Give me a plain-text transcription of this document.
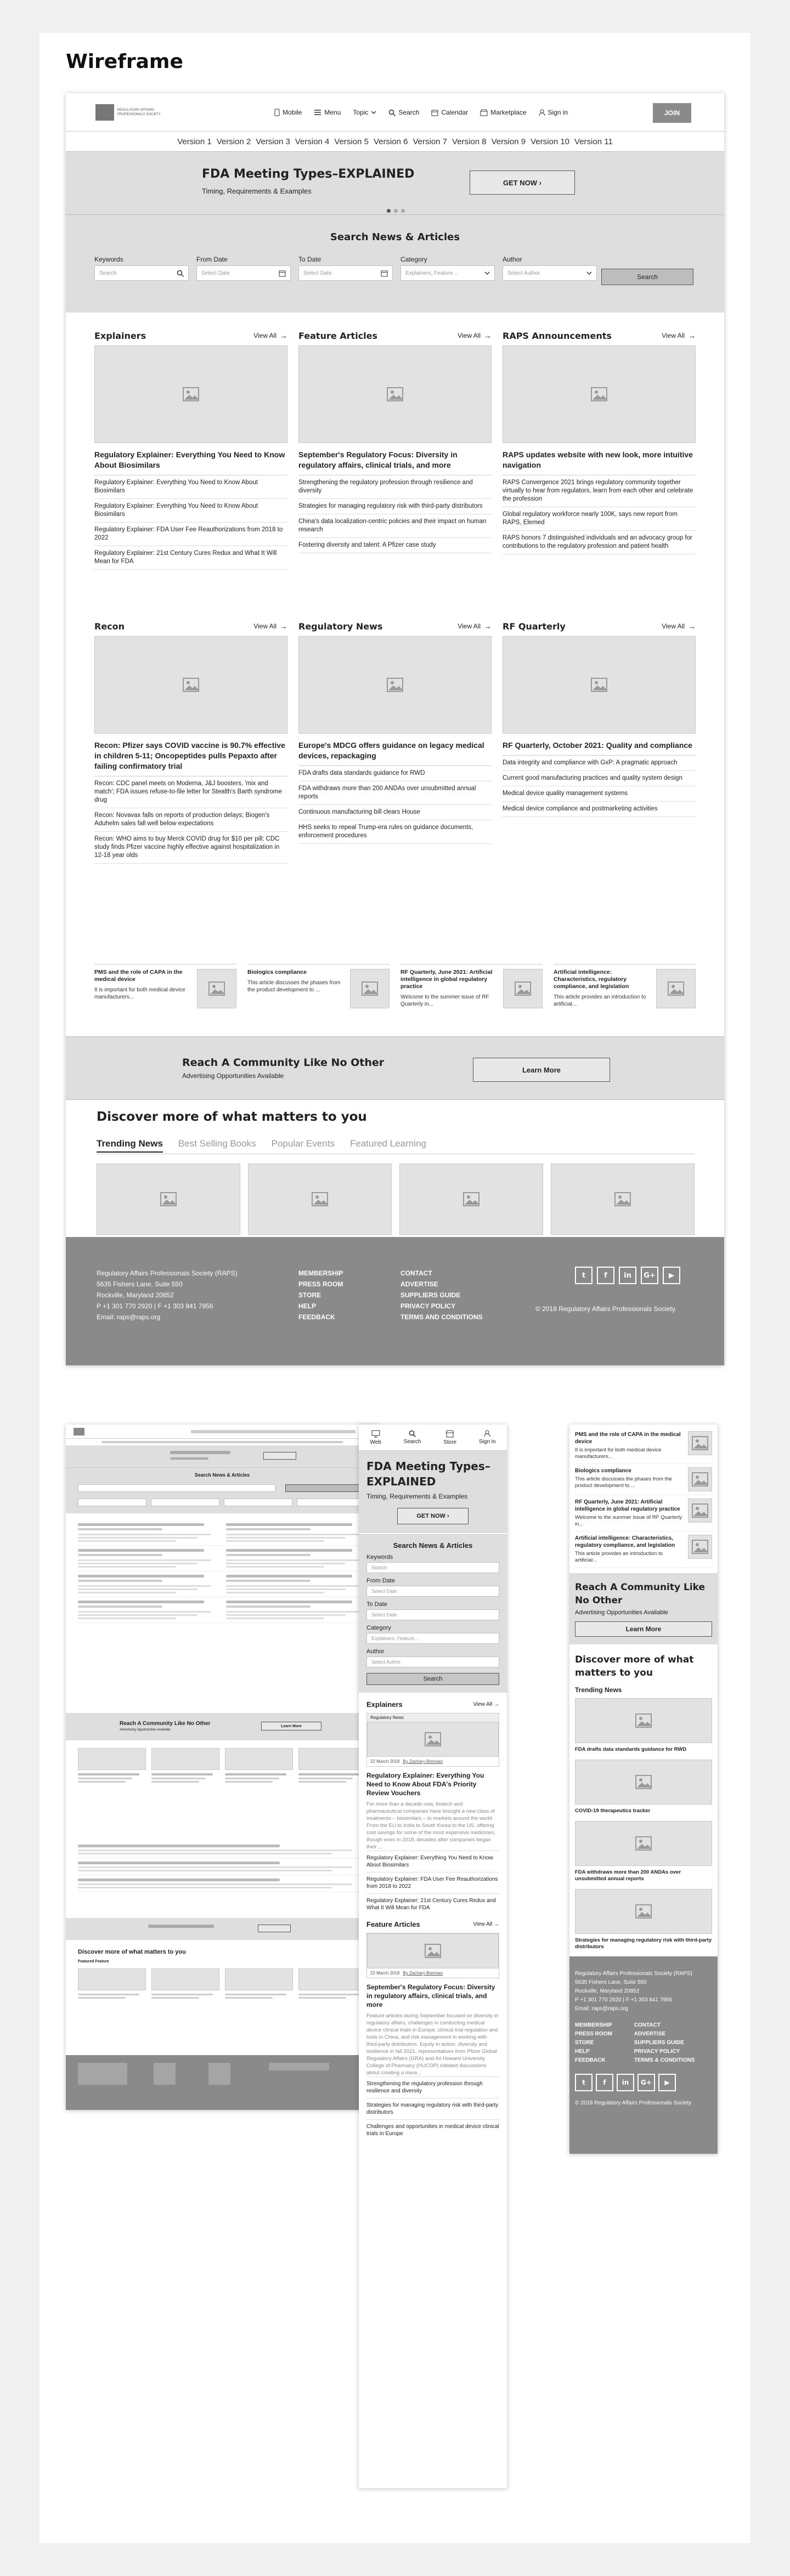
Wireframe
REGULATORY AFFAIRS PROFESSIONALS SOCIETY	Mobile	Menu Topic	Search	Calendar	Marketplace	Sign in	JOIN
Version 1 Version 2 Version 3 Version 4 Version 5 Version 6 Version 7 Version 8 Version 9 Version 10 Version 11
FDA Meeting Types–EXPLAINED
Timing, Requirements & Examples
GET NOW ›
Search News & Articles
Keywords
Search
From Date
Select Date
To Date
Select Date
Category
Explainers, Feature...
Author
Select Author	Search
Explainers	View All →
Regulatory Explainer: Everything You Need to Know About Biosimilars
Regulatory Explainer: Everything You Need to Know About Biosimilars
Regulatory Explainer: Everything You Need to Know About Biosimilars
Regulatory Explainer: FDA User Fee Reauthorizations from 2018 to 2022
Regulatory Explainer: 21st Century Cures Redux and What It Will Mean for FDA
Feature Articles	View All →
September's Regulatory Focus: Diversity in regulatory affairs, clinical trials, and more
Strengthening the regulatory profession through resilience and diversity
Strategies for managing regulatory risk with third-party distributors
China's data localization-centric policies and their impact on human research
Fostering diversity and talent: A Pfizer case study
RAPS Announcements	View All →
RAPS updates website with new look, more intuitive navigation
RAPS Convergence 2021 brings regulatory community together virtually to hear from regulators, learn from each other and celebrate the profession
Global regulatory workforce nearly 100K, says new report from RAPS, Elemed
RAPS honors 7 distinguished individuals and an advocacy group for contributions to the regulatory profession and patient health
Recon	View All →
Recon: Pfizer says COVID vaccine is 90.7% effective in children 5-11; Oncopeptides pulls Pepaxto after failing confirmatory trial
Recon: CDC panel meets on Moderna, J&J boosters, 'mix and match'; FDA issues refuse-to-file letter for Stealth's Barth syndrome drug
Recon: Novavax falls on reports of production delays; Biogen's Aduhelm sales fall well below expectations
Recon: WHO aims to buy Merck COVID drug for $10 per pill; CDC study finds Pfizer vaccine highly effective against hospitalization in 12-18 year olds
Regulatory News	View All →
Europe's MDCG offers guidance on legacy medical devices, repackaging
FDA drafts data standards guidance for RWD
FDA withdraws more than 200 ANDAs over unsubmitted annual reports
Continuous manufacturing bill clears House
HHS seeks to repeal Trump-era rules on guidance documents, enforcement procedures
RF Quarterly	View All →
RF Quarterly, October 2021: Quality and compliance
Data integrity and compliance with GxP: A pragmatic approach
Current good manufacturing practices and quality system design
Medical device quality management systems
Medical device compliance and postmarketing activities
PMS and the role of CAPA in the medical device
It is important for both medical device manufacturers...
Biologics compliance
This article discusses the phases from the product development to ...
RF Quarterly, June 2021: Artificial intelligence in global regulatory practice
Welcome to the summer issue of RF Quarterly in...
Artificial intelligence: Characteristics, regulatory compliance, and legislation
This article provides an introduction to artificial...
Reach A Community Like No Other
Advertising Opportunities Available
Learn More
Discover more of what matters to you
Trending News Best Selling Books Popular Events Featured Learning
Regulatory Affairs Professionals Society (RAPS)
5635 Fishers Lane, Suite 550
Rockville, Maryland 20852
P +1 301 770 2920 | F +1 303 841 7956
Email: raps@raps.org
MEMBERSHIP
PRESS ROOM
STORE
HELP
FEEDBACK
CONTACT
ADVERTISE
SUPPLIERS GUIDE
PRIVACY POLICY
TERMS AND CONDITIONS
t	f	in	G+	▶
© 2018 Regulatory Affairs Professionals Society.
Search News & Articles
Reach A Community Like No Other
Advertising Opportunities Available
Learn More
Discover more of what matters to you
Featured Feature
Web	Search	Store	Sign in
FDA Meeting Types–EXPLAINED
Timing, Requirements & Examples
GET NOW ›
Search News & Articles
Keywords
Search
From Date
Select Date
To Date
Select Date
Category
Explainers, Feature...
Author
Select Author
Search
Explainers	View All →
Regulatory News
22 March 2018 By Zachary Brennan
Regulatory Explainer: Everything You Need to Know About FDA's Priority Review Vouchers
For more than a decade now, biotech and pharmaceutical companies have brought a new class of treatments – biosimilars – to markets around the world. From the EU to India to South Korea to the US, offering cost savings for some of the most expensive medicines, though even in 2018, decades after companies began their ...
Regulatory Explainer: Everything You Need to Know About Biosimilars
Regulatory Explainer: FDA User Fee Reauthorizations from 2018 to 2022
Regulatory Explainer: 21st Century Cures Redux and What It Will Mean for FDA
Feature Articles	View All →
22 March 2018 By Zachary Brennan
September's Regulatory Focus: Diversity in regulatory affairs, clinical trials, and more
Feature articles during September focused on diversity in regulatory affairs, challenges in conducting medical device clinical trials in Europe, clinical trial regulation and tools in China, and risk management in working with third-party distributors. Equity in action, diversity and resilience in fall 2021, representatives from Pfizer Global Regulatory Affairs (GRA) and Ari Howard University College of Pharmacy (HUCOP) initiated discussions about creating a more...
Strengthening the regulatory profession through resilience and diversity
Strategies for managing regulatory risk with third-party distributors
Challenges and opportunities in medical device clinical trials in Europe
PMS and the role of CAPA in the medical device
It is important for both medical device manufacturers...
Biologics compliance
This article discusses the phases from the product development to ...
RF Quarterly, June 2021: Artificial intelligence in global regulatory practice
Welcome to the summer issue of RF Quarterly in...
Artificial intelligence: Characteristics, regulatory compliance, and legislation
This article provides an introduction to artificial...
Reach A Community Like No Other
Advertising Opportunities Available
Learn More
Discover more of what matters to you
Trending News
FDA drafts data standards guidance for RWD
COVID-19 therapeutics tracker
FDA withdraws more than 200 ANDAs over unsubmitted annual reports
Strategies for managing regulatory risk with third-party distributors
Regulatory Affairs Professionals Society (RAPS)
5635 Fishers Lane, Suite 550
Rockville, Maryland 20852
P +1 301 770 2920 | F +1 303 841 7956
Email: raps@raps.org
MEMBERSHIP
PRESS ROOM
STORE
HELP
FEEDBACK
CONTACT
ADVERTISE
SUPPLIERS GUIDE
PRIVACY POLICY
TERMS & CONDITIONS
t	f	in	G+	▶
© 2018 Regulatory Affairs Professionals Society
